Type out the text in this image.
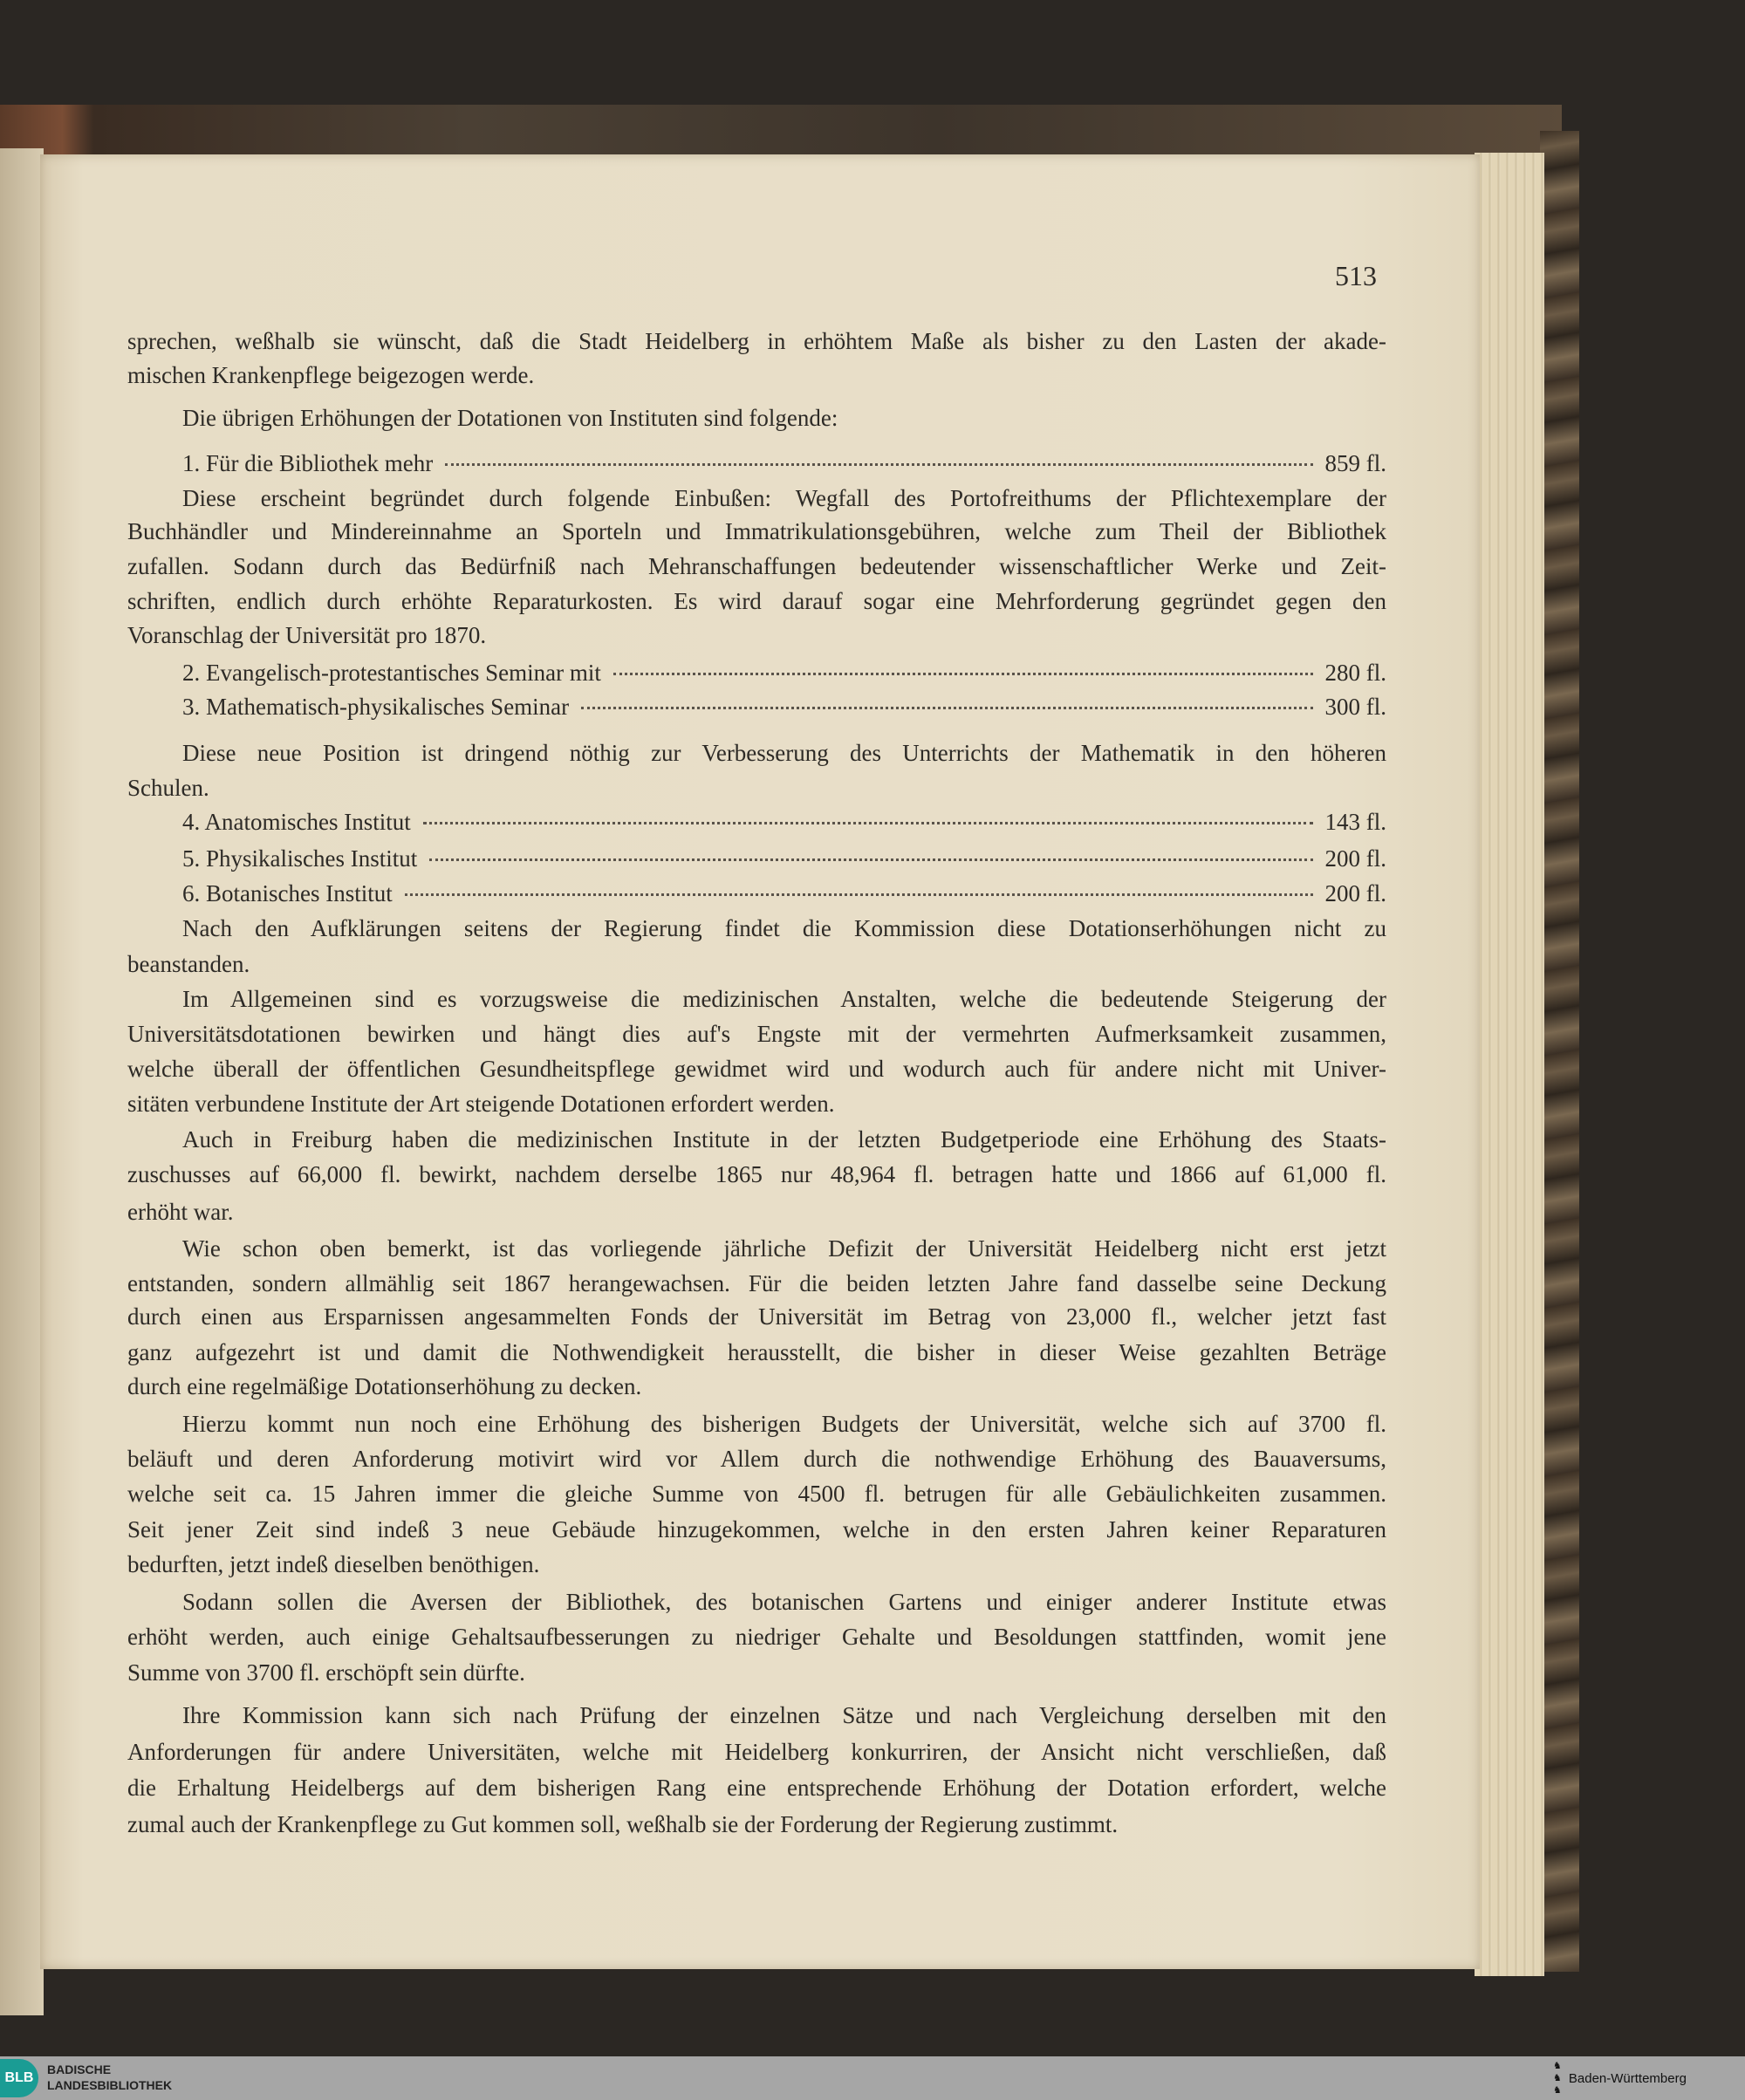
513
sprechen, weßhalb sie wünscht, daß die Stadt Heidelberg in erhöhtem Maße als bisher zu den Lasten der akade-
mischen Krankenpflege beigezogen werde.
Die übrigen Erhöhungen der Dotationen von Instituten sind folgende:
1. Für die Bibliothek mehr	859 fl.
Diese erscheint begründet durch folgende Einbußen: Wegfall des Portofreithums der Pflichtexemplare der
Buchhändler und Mindereinnahme an Sporteln und Immatrikulationsgebühren, welche zum Theil der Bibliothek
zufallen. Sodann durch das Bedürfniß nach Mehranschaffungen bedeutender wissenschaftlicher Werke und Zeit-
schriften, endlich durch erhöhte Reparaturkosten. Es wird darauf sogar eine Mehrforderung gegründet gegen den
Voranschlag der Universität pro 1870.
2. Evangelisch-protestantisches Seminar mit	280 fl.
3. Mathematisch-physikalisches Seminar	300 fl.
Diese neue Position ist dringend nöthig zur Verbesserung des Unterrichts der Mathematik in den höheren
Schulen.
4. Anatomisches Institut	143 fl.
5. Physikalisches Institut	200 fl.
6. Botanisches Institut	200 fl.
Nach den Aufklärungen seitens der Regierung findet die Kommission diese Dotationserhöhungen nicht zu
beanstanden.
Im Allgemeinen sind es vorzugsweise die medizinischen Anstalten, welche die bedeutende Steigerung der
Universitätsdotationen bewirken und hängt dies auf's Engste mit der vermehrten Aufmerksamkeit zusammen,
welche überall der öffentlichen Gesundheitspflege gewidmet wird und wodurch auch für andere nicht mit Univer-
sitäten verbundene Institute der Art steigende Dotationen erfordert werden.
Auch in Freiburg haben die medizinischen Institute in der letzten Budgetperiode eine Erhöhung des Staats-
zuschusses auf 66,000 fl. bewirkt, nachdem derselbe 1865 nur 48,964 fl. betragen hatte und 1866 auf 61,000 fl.
erhöht war.
Wie schon oben bemerkt, ist das vorliegende jährliche Defizit der Universität Heidelberg nicht erst jetzt
entstanden, sondern allmählig seit 1867 herangewachsen. Für die beiden letzten Jahre fand dasselbe seine Deckung
durch einen aus Ersparnissen angesammelten Fonds der Universität im Betrag von 23,000 fl., welcher jetzt fast
ganz aufgezehrt ist und damit die Nothwendigkeit herausstellt, die bisher in dieser Weise gezahlten Beträge
durch eine regelmäßige Dotationserhöhung zu decken.
Hierzu kommt nun noch eine Erhöhung des bisherigen Budgets der Universität, welche sich auf 3700 fl.
beläuft und deren Anforderung motivirt wird vor Allem durch die nothwendige Erhöhung des Bauaversums,
welche seit ca. 15 Jahren immer die gleiche Summe von 4500 fl. betrugen für alle Gebäulichkeiten zusammen.
Seit jener Zeit sind indeß 3 neue Gebäude hinzugekommen, welche in den ersten Jahren keiner Reparaturen
bedurften, jetzt indeß dieselben benöthigen.
Sodann sollen die Aversen der Bibliothek, des botanischen Gartens und einiger anderer Institute etwas
erhöht werden, auch einige Gehaltsaufbesserungen zu niedriger Gehalte und Besoldungen stattfinden, womit jene
Summe von 3700 fl. erschöpft sein dürfte.
Ihre Kommission kann sich nach Prüfung der einzelnen Sätze und nach Vergleichung derselben mit den
Anforderungen für andere Universitäten, welche mit Heidelberg konkurriren, der Ansicht nicht verschließen, daß
die Erhaltung Heidelbergs auf dem bisherigen Rang eine entsprechende Erhöhung der Dotation erfordert, welche
zumal auch der Krankenpflege zu Gut kommen soll, weßhalb sie der Forderung der Regierung zustimmt.
BLB
BADISCHE
LANDESBIBLIOTHEK
♞
♞
♞
Baden-Württemberg
